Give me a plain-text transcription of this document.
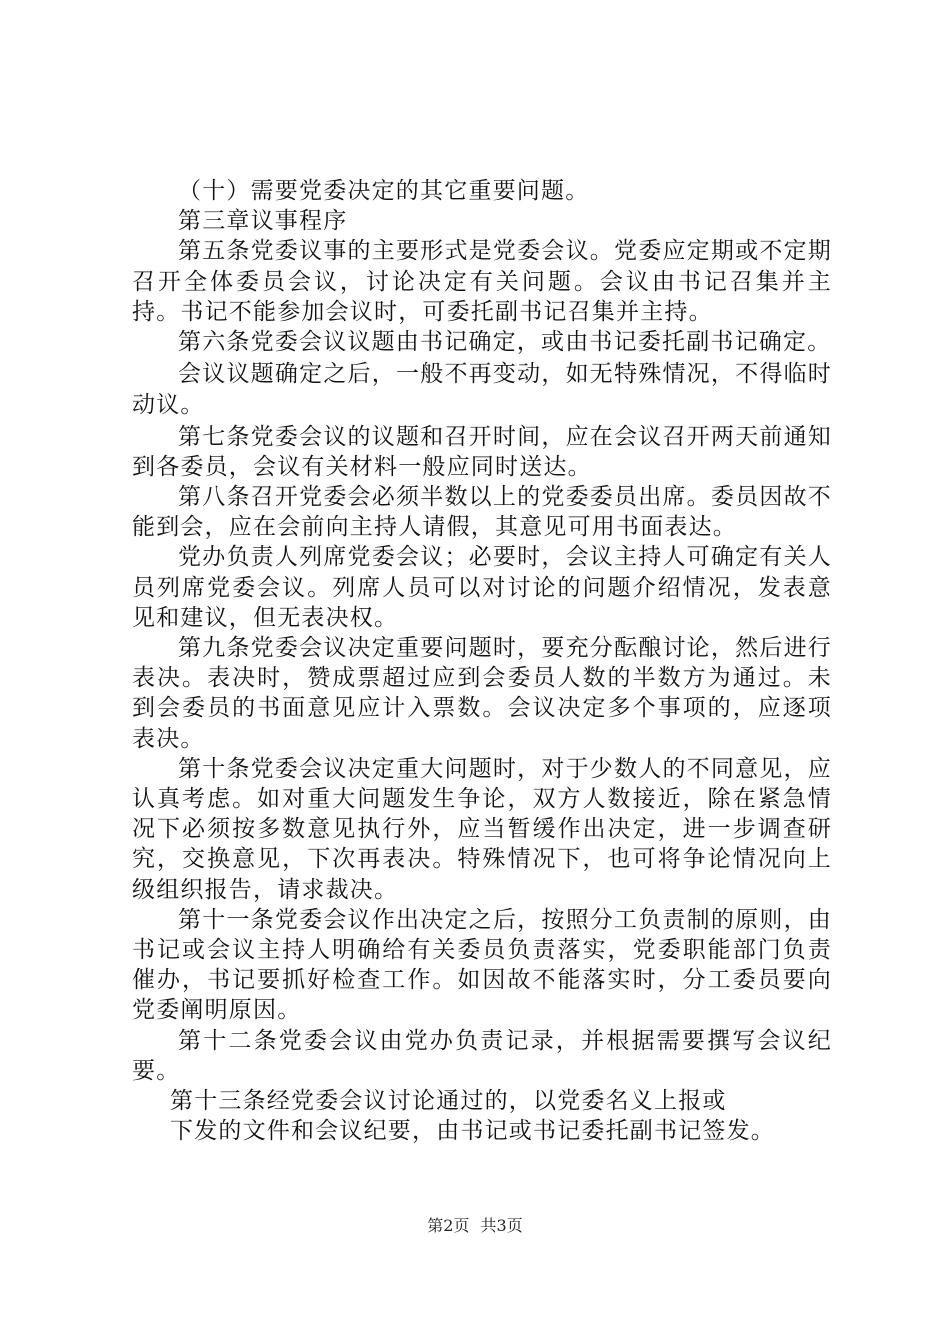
（十）需要党委决定的其它重要问题。

第三章议事程序

第五条党委议事的主要形式是党委会议。党委应定期或不定期召开全体委员会议，讨论决定有关问题。会议由书记召集并主持。书记不能参加会议时，可委托副书记召集并主持。

第六条党委会议议题由书记确定，或由书记委托副书记确定。

会议议题确定之后，一般不再变动，如无特殊情况，不得临时动议。

第七条党委会议的议题和召开时间，应在会议召开两天前通知到各委员，会议有关材料一般应同时送达。

第八条召开党委会必须半数以上的党委委员出席。委员因故不能到会，应在会前向主持人请假，其意见可用书面表达。

党办负责人列席党委会议；必要时，会议主持人可确定有关人员列席党委会议。列席人员可以对讨论的问题介绍情况，发表意见和建议，但无表决权。

第九条党委会议决定重要问题时，要充分酝酿讨论，然后进行表决。表决时，赞成票超过应到会委员人数的半数方为通过。未到会委员的书面意见应计入票数。会议决定多个事项的，应逐项表决。

第十条党委会议决定重大问题时，对于少数人的不同意见，应认真考虑。如对重大问题发生争论，双方人数接近，除在紧急情况下必须按多数意见执行外，应当暂缓作出决定，进一步调查研究，交换意见，下次再表决。特殊情况下，也可将争论情况向上级组织报告，请求裁决。

第十一条党委会议作出决定之后，按照分工负责制的原则，由书记或会议主持人明确给有关委员负责落实，党委职能部门负责催办，书记要抓好检查工作。如因故不能落实时，分工委员要向党委阐明原因。

第十二条党委会议由党办负责记录，并根据需要撰写会议纪要。

第十三条经党委会议讨论通过的，以党委名义上报或

下发的文件和会议纪要，由书记或书记委托副书记签发。

第2页 共3页
